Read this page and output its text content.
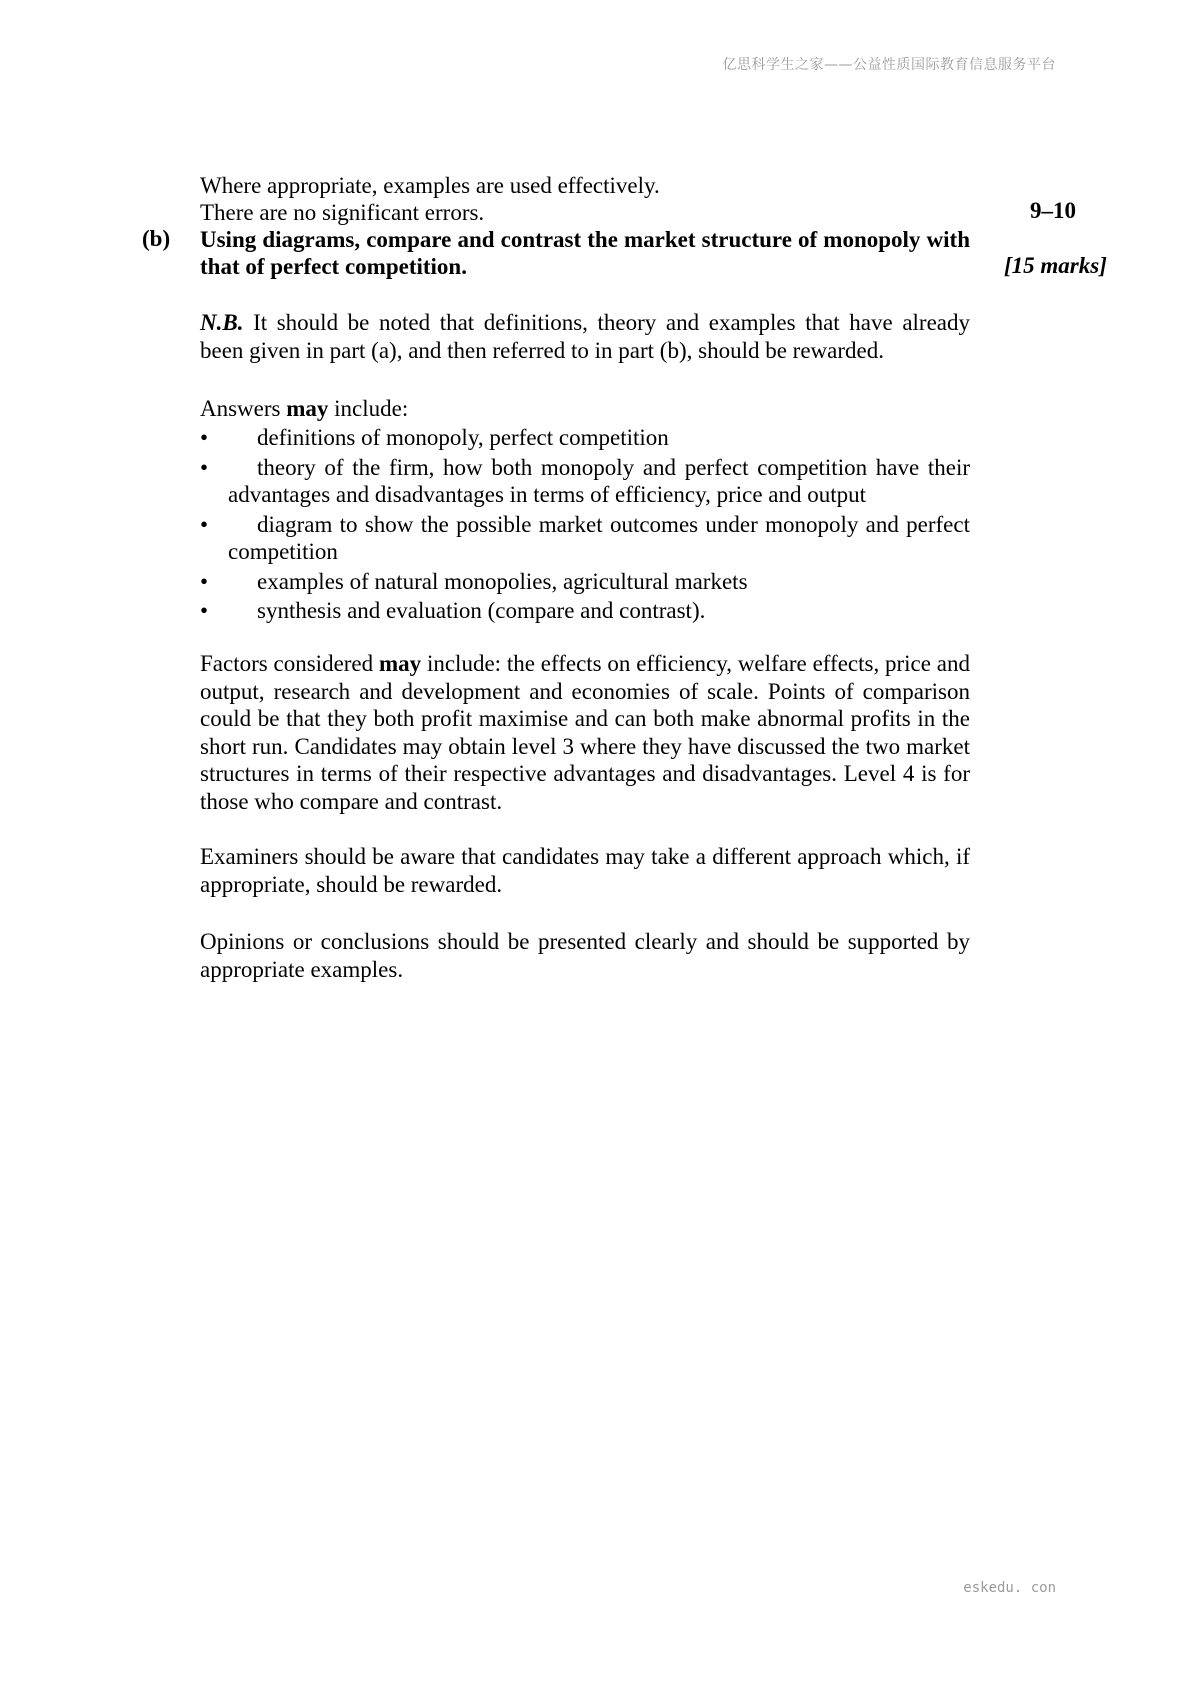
亿思科学生之家——公益性质国际教育信息服务平台
Where appropriate, examples are used effectively.
There are no significant errors.	9–10
(b) Using diagrams, compare and contrast the market structure of monopoly with that of perfect competition.	[15 marks]
N.B. It should be noted that definitions, theory and examples that have already been given in part (a), and then referred to in part (b), should be rewarded.
Answers may include:
• definitions of monopoly, perfect competition
• theory of the firm, how both monopoly and perfect competition have their advantages and disadvantages in terms of efficiency, price and output
• diagram to show the possible market outcomes under monopoly and perfect competition
• examples of natural monopolies, agricultural markets
• synthesis and evaluation (compare and contrast).
Factors considered may include: the effects on efficiency, welfare effects, price and output, research and development and economies of scale. Points of comparison could be that they both profit maximise and can both make abnormal profits in the short run. Candidates may obtain level 3 where they have discussed the two market structures in terms of their respective advantages and disadvantages. Level 4 is for those who compare and contrast.
Examiners should be aware that candidates may take a different approach which, if appropriate, should be rewarded.
Opinions or conclusions should be presented clearly and should be supported by appropriate examples.
eskedu. con
